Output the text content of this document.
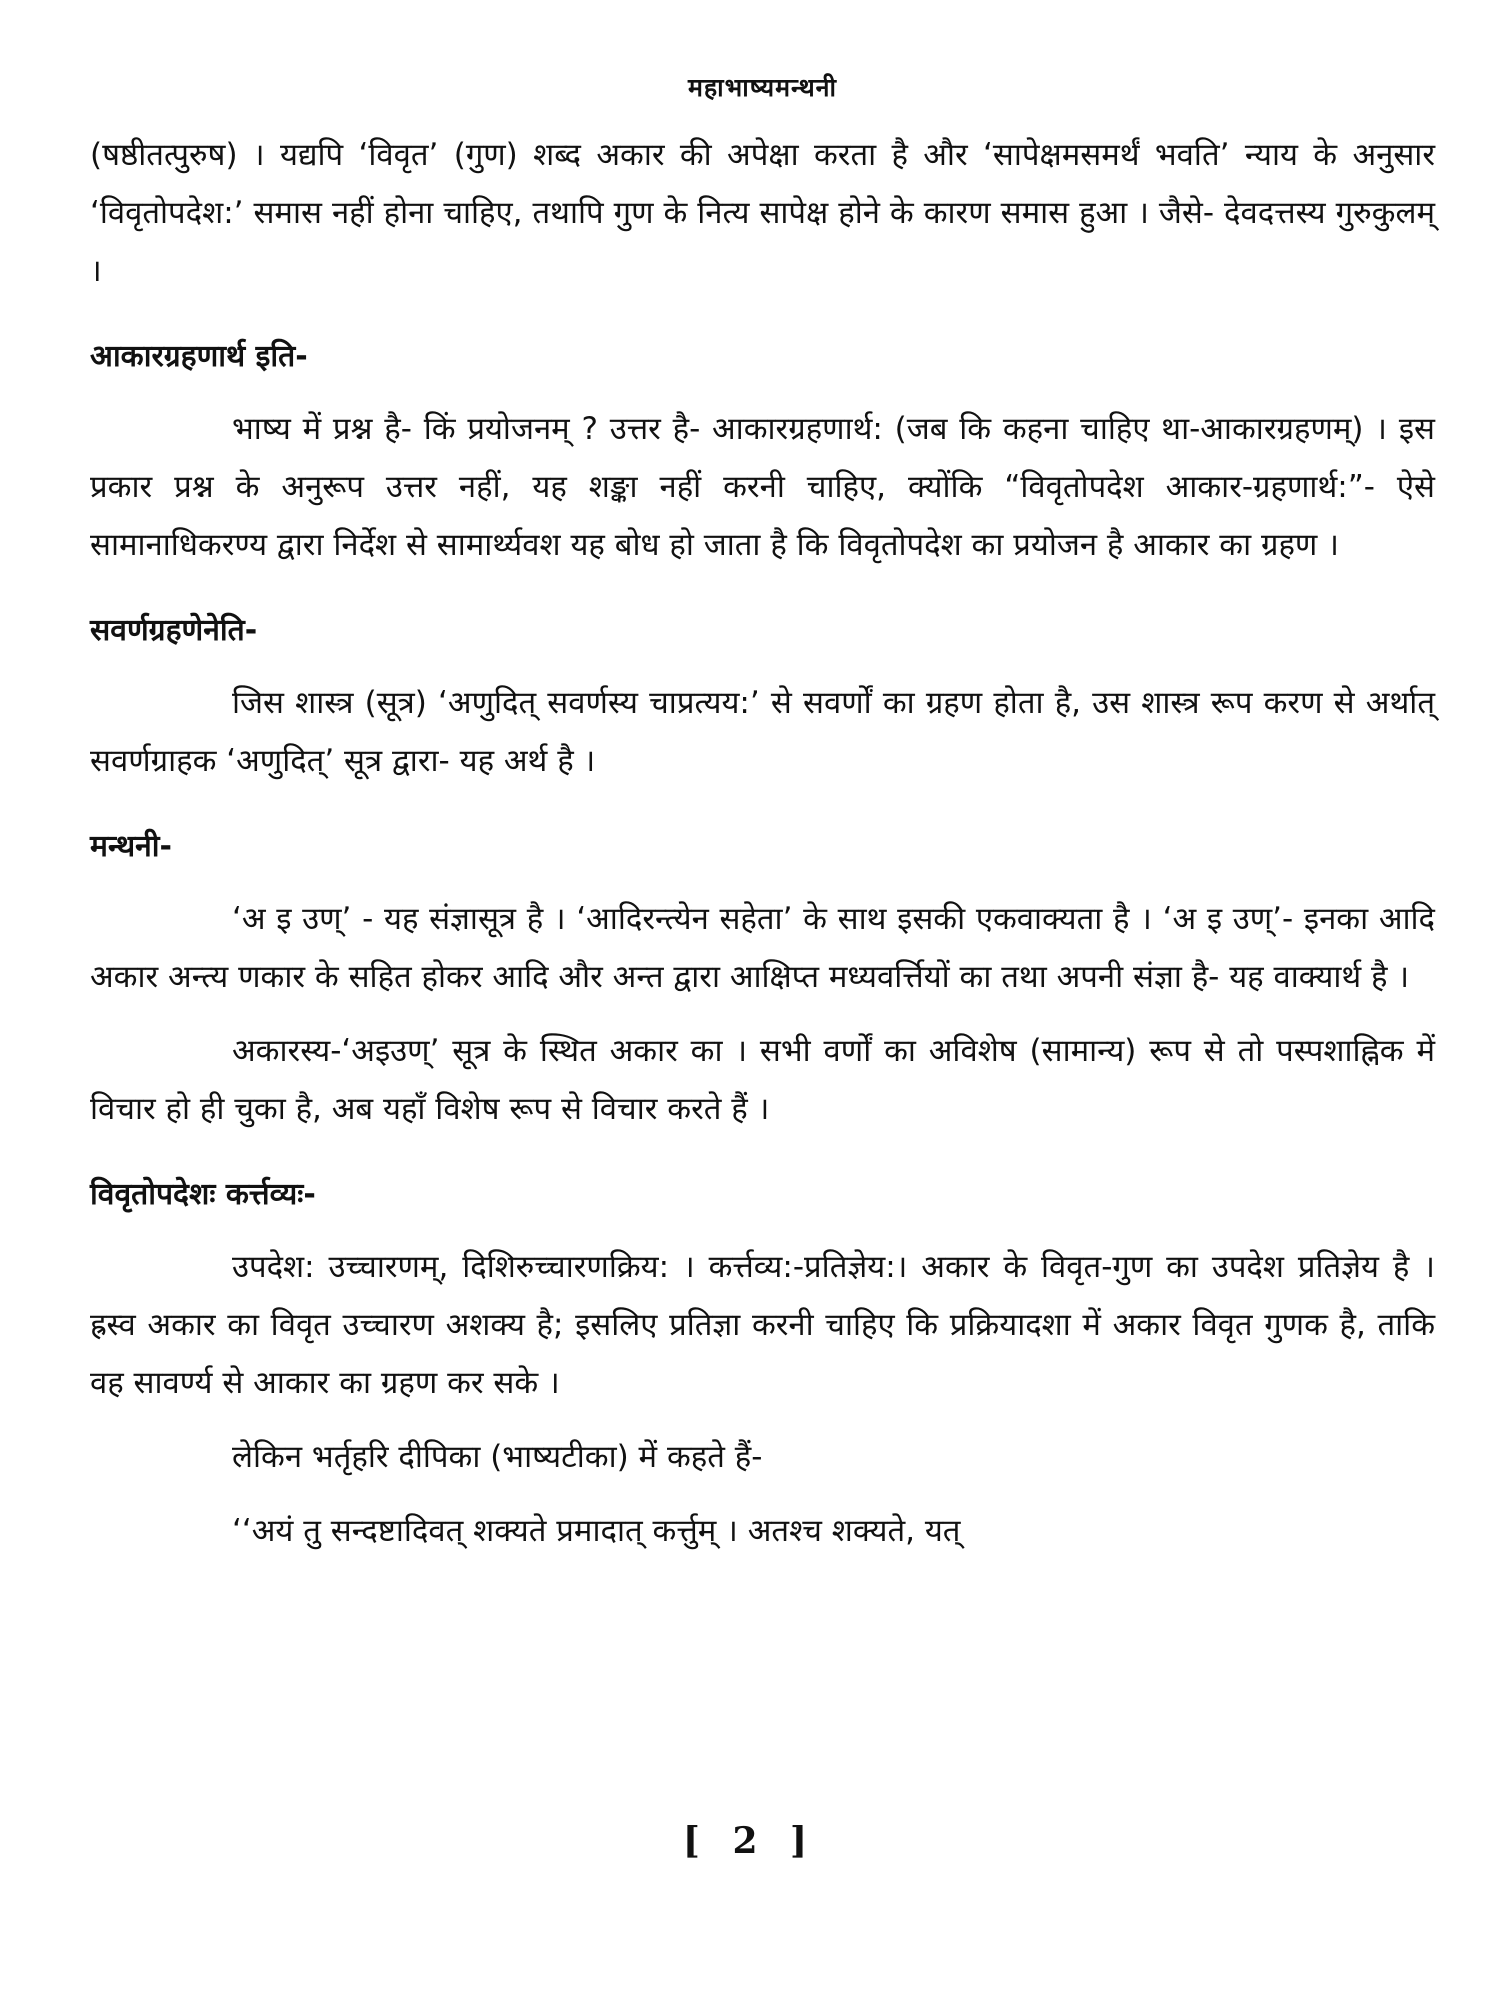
महाभाष्यमन्थनी

(षष्ठीतत्पुरुष) । यद्यपि ‘विवृत’ (गुण) शब्द अकार की अपेक्षा करता है और ‘सापेक्षमसमर्थं भवति’ न्याय के अनुसार ‘विवृतोपदेश:’ समास नहीं होना चाहिए, तथापि गुण के नित्य सापेक्ष होने के कारण समास हुआ । जैसे- देवदत्तस्य गुरुकुलम् ।

आकारग्रहणार्थ इति-

भाष्य में प्रश्न है- किं प्रयोजनम् ? उत्तर है- आकारग्रहणार्थ: (जब कि कहना चाहिए था-आकारग्रहणम्) । इस प्रकार प्रश्न के अनुरूप उत्तर नहीं, यह शङ्का नहीं करनी चाहिए, क्योंकि “विवृतोपदेश आकार-ग्रहणार्थ:”- ऐसे सामानाधिकरण्य द्वारा निर्देश से सामार्थ्यवश यह बोध हो जाता है कि विवृतोपदेश का प्रयोजन है आकार का ग्रहण ।

सवर्णग्रहणेनेति-

जिस शास्त्र (सूत्र) ‘अणुदित् सवर्णस्य चाप्रत्यय:’ से सवर्णों का ग्रहण होता है, उस शास्त्र रूप करण से अर्थात् सवर्णग्राहक ‘अणुदित्’ सूत्र द्वारा- यह अर्थ है ।

मन्थनी-

‘अ इ उण्’ - यह संज्ञासूत्र है । ‘आदिरन्त्येन सहेता’ के साथ इसकी एकवाक्यता है । ‘अ इ उण्’- इनका आदि अकार अन्त्य णकार के सहित होकर आदि और अन्त द्वारा आक्षिप्त मध्यवर्त्तियों का तथा अपनी संज्ञा है- यह वाक्यार्थ है ।

अकारस्य-‘अइउण्’ सूत्र के स्थित अकार का । सभी वर्णों का अविशेष (सामान्य) रूप से तो पस्पशाह्निक में विचार हो ही चुका है, अब यहाँ विशेष रूप से विचार करते हैं ।

विवृतोपदेशः कर्त्तव्यः-

उपदेश: उच्चारणम्, दिशिरुच्चारणक्रिय: । कर्त्तव्य:-प्रतिज्ञेय:। अकार के विवृत-गुण का उपदेश प्रतिज्ञेय है । ह्रस्व अकार का विवृत उच्चारण अशक्य है; इसलिए प्रतिज्ञा करनी चाहिए कि प्रक्रियादशा में अकार विवृत गुणक है, ताकि वह सावर्ण्य से आकार का ग्रहण कर सके ।

लेकिन भर्तृहरि दीपिका (भाष्यटीका) में कहते हैं-

‘‘अयं तु सन्दष्टादिवत् शक्यते प्रमादात् कर्त्तुम् । अतश्च शक्यते, यत्

[ 2 ]
